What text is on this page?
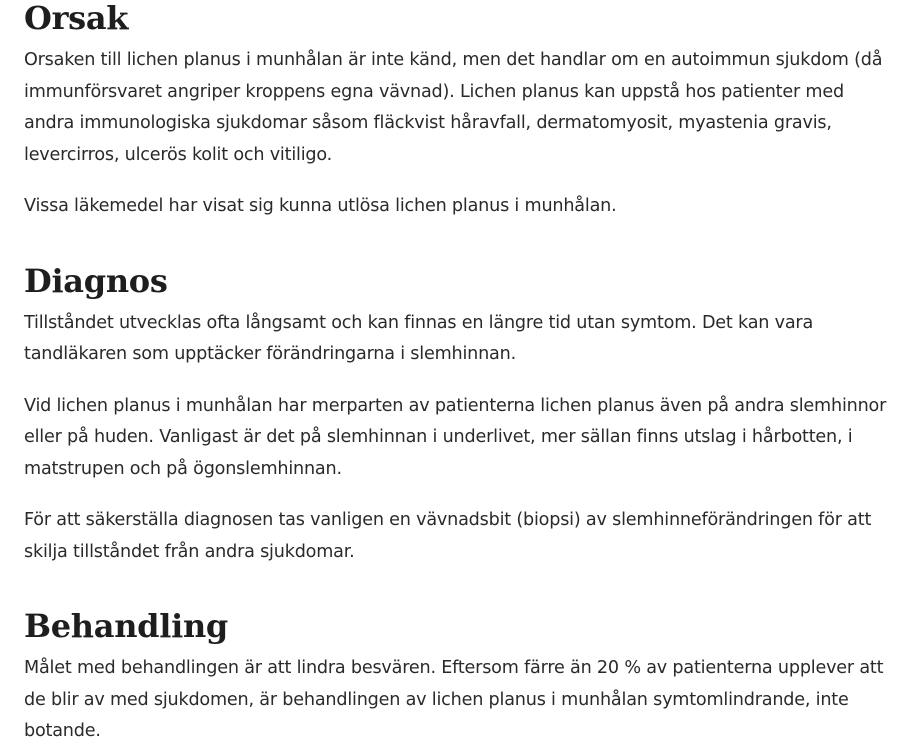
Orsak

Orsaken till lichen planus i munhålan är inte känd, men det handlar om en autoimmun sjukdom (då immunförsvaret angriper kroppens egna vävnad). Lichen planus kan uppstå hos patienter med andra immunologiska sjukdomar såsom fläckvist håravfall, dermatomyosit, myastenia gravis, levercirros, ulcerös kolit och vitiligo.

Vissa läkemedel har visat sig kunna utlösa lichen planus i munhålan.

Diagnos

Tillståndet utvecklas ofta långsamt och kan finnas en längre tid utan symtom. Det kan vara tandläkaren som upptäcker förändringarna i slemhinnan.

Vid lichen planus i munhålan har merparten av patienterna lichen planus även på andra slemhinnor eller på huden. Vanligast är det på slemhinnan i underlivet, mer sällan finns utslag i hårbotten, i matstrupen och på ögonslemhinnan.

För att säkerställa diagnosen tas vanligen en vävnadsbit (biopsi) av slemhinneförändringen för att skilja tillståndet från andra sjukdomar.

Behandling

Målet med behandlingen är att lindra besvären. Eftersom färre än 20 % av patienterna upplever att de blir av med sjukdomen, är behandlingen av lichen planus i munhålan symtomlindrande, inte botande.
